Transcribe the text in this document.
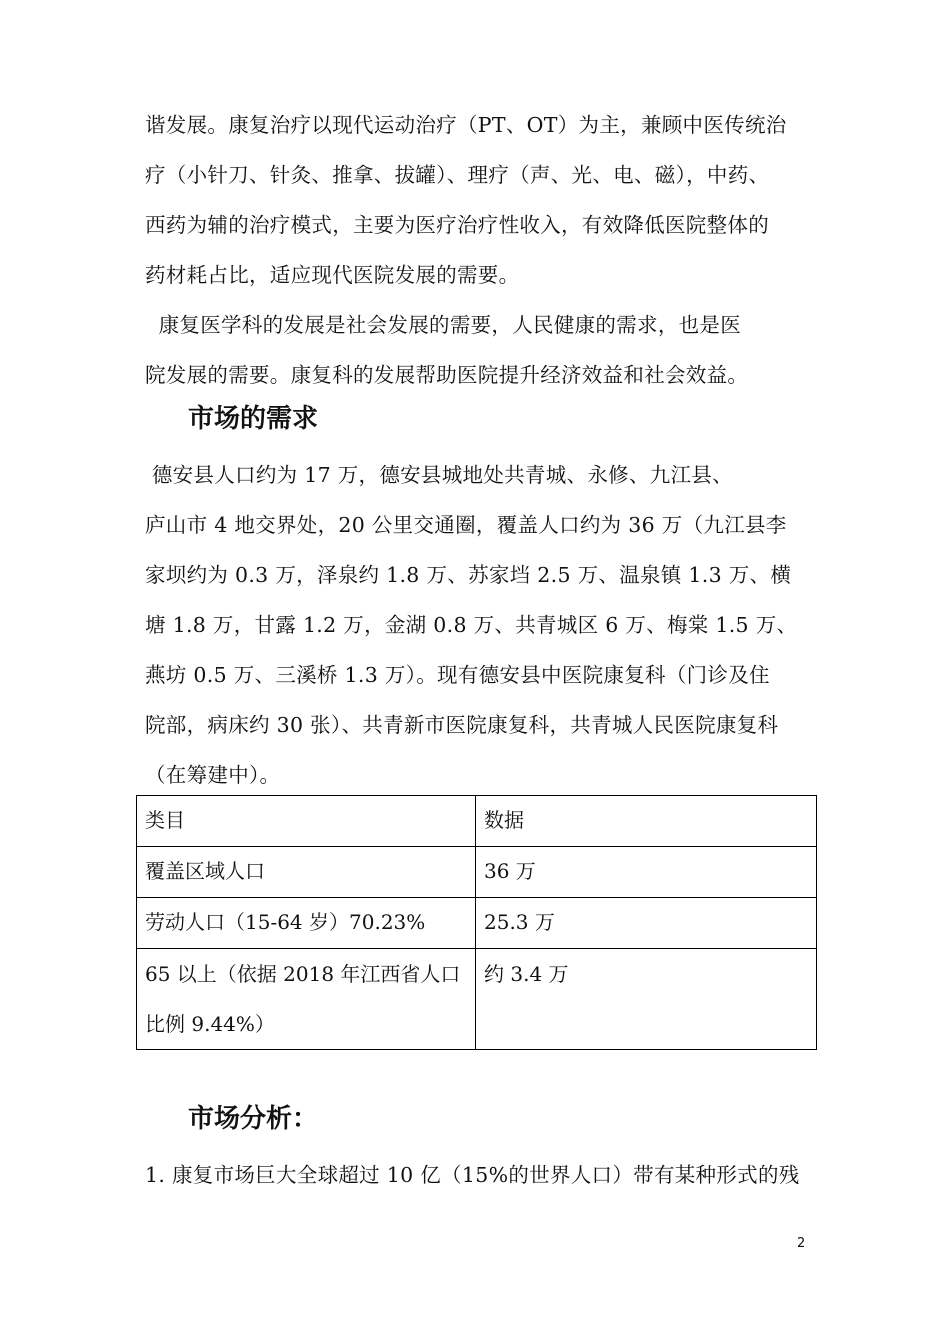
谐发展。康复治疗以现代运动治疗（PT、OT）为主，兼顾中医传统治
疗（小针刀、针灸、推拿、拔罐）、理疗（声、光、电、磁），中药、
西药为辅的治疗模式，主要为医疗治疗性收入，有效降低医院整体的
药材耗占比，适应现代医院发展的需要。
康复医学科的发展是社会发展的需要，人民健康的需求，也是医
院发展的需要。康复科的发展帮助医院提升经济效益和社会效益。
市场的需求
德安县人口约为 17 万，德安县城地处共青城、永修、九江县、
庐山市 4 地交界处，20 公里交通圈，覆盖人口约为 36 万（九江县李
家坝约为 0.3 万，泽泉约 1.8 万、苏家垱 2.5 万、温泉镇 1.3 万、横
塘 1.8 万，甘露 1.2 万，金湖 0.8 万、共青城区 6 万、梅棠 1.5 万、
燕坊 0.5 万、三溪桥 1.3 万）。现有德安县中医院康复科（门诊及住
院部，病床约 30 张）、共青新市医院康复科，共青城人民医院康复科
（在筹建中）。
类目	数据
覆盖区域人口	36 万
劳动人口（15-64 岁）70.23%	25.3 万

65 以上（依据 2018 年江西省人口
比例 9.44%）	约 3.4 万
市场分析：
1. 康复市场巨大全球超过 10 亿（15%的世界人口）带有某种形式的残
2
